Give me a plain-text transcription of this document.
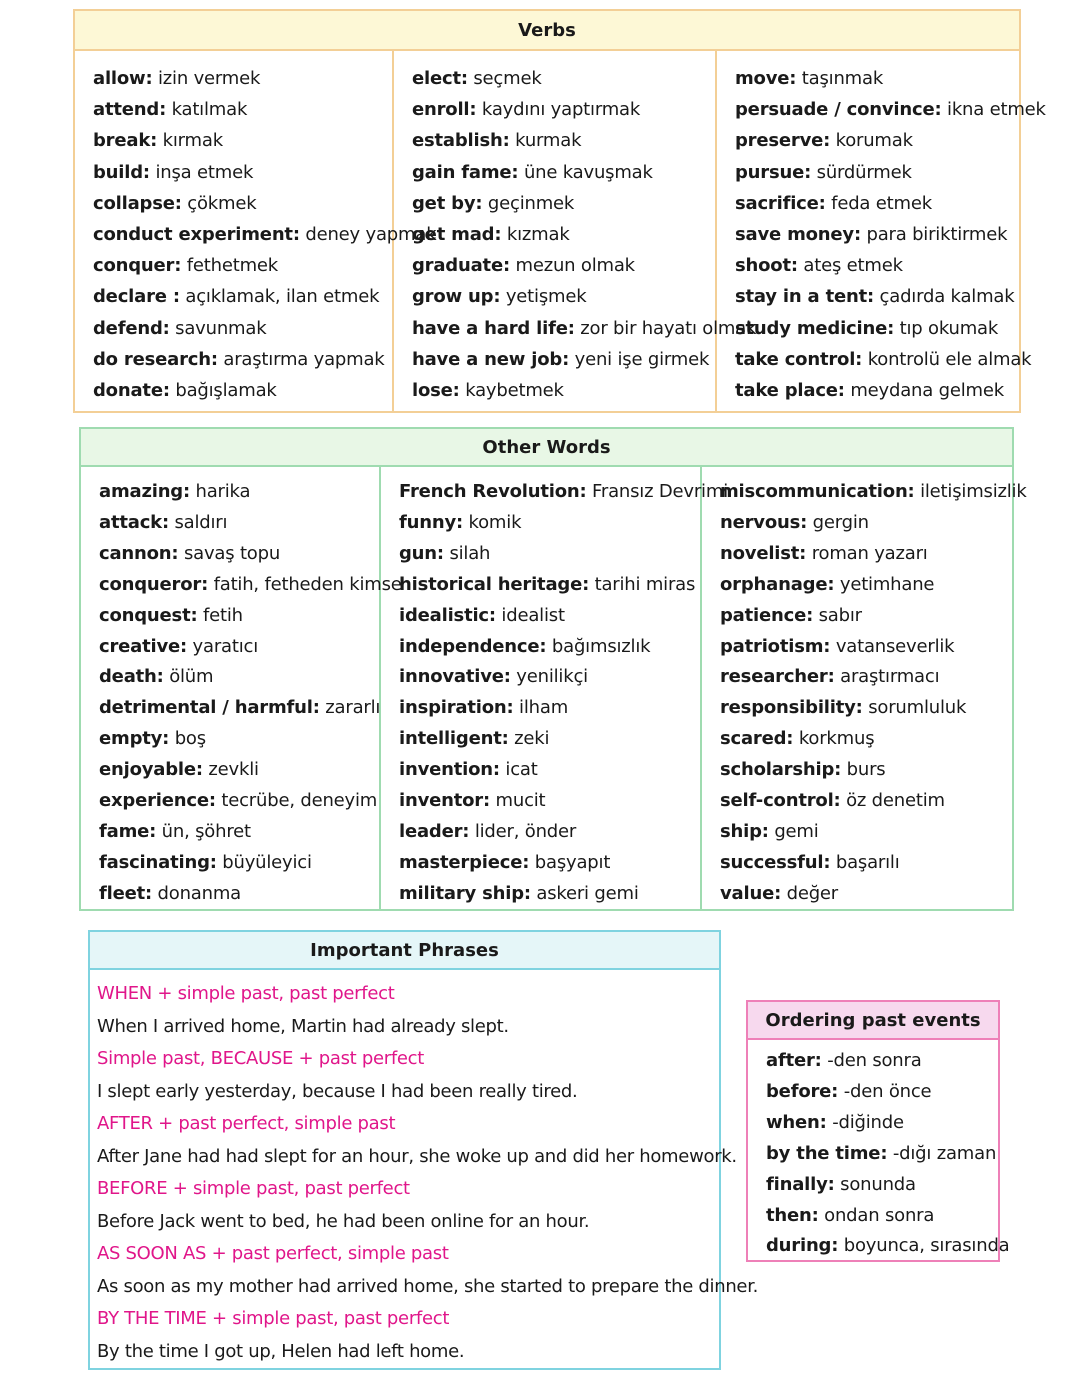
Verbs
allow: izin vermek
attend: katılmak
break: kırmak
build: inşa etmek
collapse: çökmek
conduct experiment: deney yapmak
conquer: fethetmek
declare : açıklamak, ilan etmek
defend: savunmak
do research: araştırma yapmak
donate: bağışlamak
elect: seçmek
enroll: kaydını yaptırmak
establish: kurmak
gain fame: üne kavuşmak
get by: geçinmek
get mad: kızmak
graduate: mezun olmak
grow up: yetişmek
have a hard life: zor bir hayatı olmak
have a new job: yeni işe girmek
lose: kaybetmek
move: taşınmak
persuade / convince: ikna etmek
preserve: korumak
pursue: sürdürmek
sacrifice: feda etmek
save money: para biriktirmek
shoot: ateş etmek
stay in a tent: çadırda kalmak
study medicine: tıp okumak
take control: kontrolü ele almak
take place: meydana gelmek
Other Words
amazing: harika
attack: saldırı
cannon: savaş topu
conqueror: fatih, fetheden kimse
conquest: fetih
creative: yaratıcı
death: ölüm
detrimental / harmful: zararlı
empty: boş
enjoyable: zevkli
experience: tecrübe, deneyim
fame: ün, şöhret
fascinating: büyüleyici
fleet: donanma
French Revolution: Fransız Devrimi
funny: komik
gun: silah
historical heritage: tarihi miras
idealistic: idealist
independence: bağımsızlık
innovative: yenilikçi
inspiration: ilham
intelligent: zeki
invention: icat
inventor: mucit
leader: lider, önder
masterpiece: başyapıt
military ship: askeri gemi
miscommunication: iletişimsizlik
nervous: gergin
novelist: roman yazarı
orphanage: yetimhane
patience: sabır
patriotism: vatanseverlik
researcher: araştırmacı
responsibility: sorumluluk
scared: korkmuş
scholarship: burs
self-control: öz denetim
ship: gemi
successful: başarılı
value: değer
Important Phrases
WHEN + simple past, past perfect
When I arrived home, Martin had already slept.
Simple past, BECAUSE + past perfect
I slept early yesterday, because I had been really tired.
AFTER + past perfect, simple past
After Jane had had slept for an hour, she woke up and did her homework.
BEFORE + simple past, past perfect
Before Jack went to bed, he had been online for an hour.
AS SOON AS + past perfect, simple past
As soon as my mother had arrived home, she started to prepare the dinner.
BY THE TIME + simple past, past perfect
By the time I got up, Helen had left home.
Ordering past events
after: -den sonra
before: -den önce
when: -diğinde
by the time: -dığı zaman
finally: sonunda
then: ondan sonra
during: boyunca, sırasında
